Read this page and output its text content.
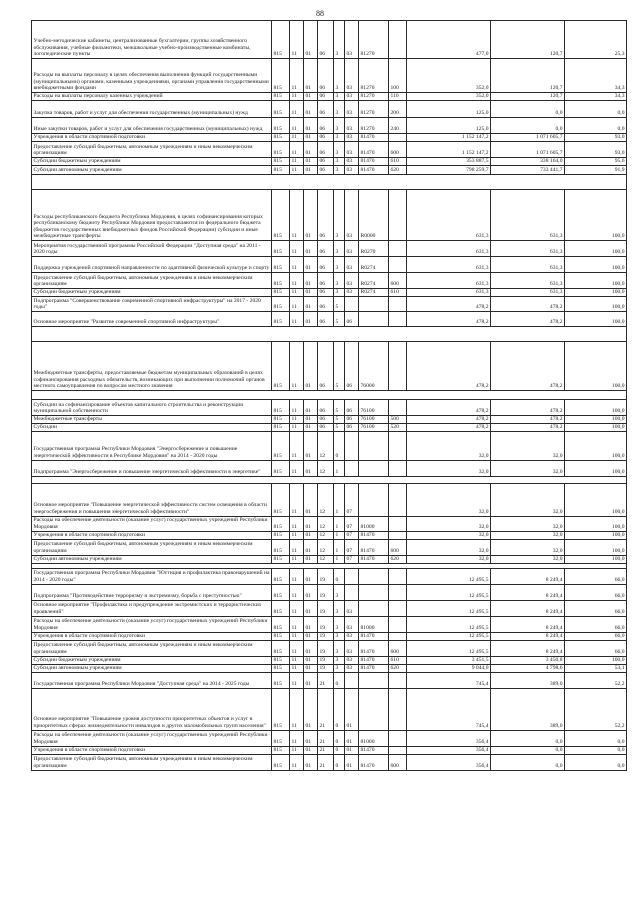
88
Учебно-методические кабинеты, централизованные бухгалтерии, группы хозяйственного обслуживания, учебные фильмотеки, межшкольные учебно-производственные комбинаты, логопедические пункты	815	11	01	06	3	03	81270		477,0	120,7	25,3
Расходы на выплаты персоналу в целях обеспечения выполнения функций государственными (муниципальными) органами, казенными учреждениями, органами управления государственными внебюджетными фондами	815	11	01	06	3	03	81270	100	352,0	120,7	34,3
Расходы на выплаты персоналу казенных учреждений	815	11	01	06	3	03	81270	110	352,0	120,7	34,3
Закупка товаров, работ и услуг для обеспечения государственных (муниципальных) нужд	815	11	01	06	3	03	81270	200	125,0	0,0	0,0
Иные закупки товаров, работ и услуг для обеспечения государственных (муниципальных) нужд	815	11	01	06	3	03	81270	240	125,0	0,0	0,0
Учреждения в области спортивной подготовки	815	11	01	06	3	03	81470		1 152 147,2	1 071 605,7	93,0
Предоставление субсидий бюджетным, автономным учреждениям и иным некоммерческим организациям	815	11	01	06	3	03	81470	600	1 152 147,2	1 071 605,7	93,0
Субсидии бюджетным учреждениям	815	11	01	06	3	03	81470	610	353 887,5	338 164,0	95,6
Субсидии автономным учреждениям	815	11	01	06	3	03	81470	620	798 259,7	733 441,7	91,9

Расходы республиканского бюджета Республики Мордовия, в целях софинансирования которых республиканскому бюджету Республики Мордовия предоставляются из федерального бюджета (бюджетов государственных внебюджетных фондов Российской Федерации) субсидии и иные межбюджетные трансферты	815	11	01	06	3	03	R0000		631,3	631,3	100,0
Мероприятия государственной программы Российской Федерации "Доступная среда" на 2011 - 2020 годы	815	11	01	06	3	03	R0270		631,3	631,3	100,0
Поддержка учреждений спортивной направленности по адаптивной физической культуре и спорту	815	11	01	06	3	03	R0274		631,3	631,3	100,0
Предоставление субсидий бюджетным, автономным учреждениям и иным некоммерческим организациям	815	11	01	06	3	03	R0274	600	631,3	631,3	100,0
Субсидии бюджетным учреждениям	815	11	01	06	3	03	R0274	610	631,3	631,3	100,0
Подпрограмма "Совершенствование современной спортивной инфраструктуры" на 2017 - 2020 годы"	815	11	01	06	5				478,2	478,2	100,0
Основное мероприятие "Развитие современной спортивной инфраструктуры"	815	11	01	06	5	06			478,2	478,2	100,0

Межбюджетные трансферты, предоставляемые бюджетам муниципальных образований в целях софинансирования расходных обязательств, возникающих при выполнении полномочий органов местного самоуправления по вопросам местного значения	815	11	01	06	5	06	76000		478,2	478,2	100,0

Субсидии на софинансирование объектов капитального строительства и реконструкции муниципальной собственности	815	11	01	06	5	06	76100		478,2	478,2	100,0
Межбюджетные трансферты	815	11	01	06	5	06	76100	500	478,2	478,2	100,0
Субсидии	815	11	01	06	5	06	76100	520	478,2	478,2	100,0
Государственная программа Республики Мордовия "Энергосбережение и повышение энергетической эффективности в Республике Мордовия" на 2014 - 2020 годы	815	11	01	12	0				32,0	32,0	100,0
Подпрограмма "Энергосбережение и повышение энергетической эффективности в энергетике"	815	11	01	12	1				32,0	32,0	100,0

Основное мероприятие "Повышение энергетической эффективности систем освещения в области энергосбережения и повышения энергетической эффективности"	815	11	01	12	1	07			32,0	32,0	100,0
Расходы на обеспечение деятельности (оказание услуг) государственных учреждений Республики Мордовия	815	11	01	12	1	07	81000		32,0	32,0	100,0
Учреждения в области спортивной подготовки	815	11	01	12	1	07	81470		32,0	32,0	100,0
Предоставление субсидий бюджетным, автономным учреждениям и иным некоммерческим организациям	815	11	01	12	1	07	81470	600	32,0	32,0	100,0
Субсидии автономным учреждениям	815	11	01	12	1	07	81470	620	32,0	32,0	100,0

Государственная программа Республики Мордовия "Юстиция и профилактика правонарушений на 2014 - 2020 годы"	815	11	01	19	0				12 495,5	8 249,4	66,0
Подпрограмма "Противодействие терроризму и экстремизму, борьба с преступностью"	815	11	01	19	3				12 495,5	8 249,4	66,0
Основное мероприятие "Профилактика и предупреждение экстремистских и террористических проявлений"	815	11	01	19	3	03			12 495,5	8 249,4	66,0
Расходы на обеспечение деятельности (оказание услуг) государственных учреждений Республики Мордовия	815	11	01	19	3	03	81000		12 495,5	8 249,4	66,0
Учреждения в области спортивной подготовки	815	11	01	19	3	03	81470		12 495,5	8 249,4	66,0
Предоставление субсидий бюджетным, автономным учреждениям и иным некоммерческим организациям	815	11	01	19	3	03	81470	600	12 495,5	8 249,4	66,0
Субсидии бюджетным учреждениям	815	11	01	19	3	03	81470	610	3 451,5	3 450,8	100,0
Субсидии автономным учреждениям	815	11	01	19	3	03	81470	620	9 044,0	4 798,6	53,1
Государственная программа Республики Мордовия "Доступная среда" на 2014 - 2025 годы	815	11	01	21	0				745,4	389,0	52,2
Основное мероприятие "Повышение уровня доступности приоритетных объектов и услуг в приоритетных сферах жизнедеятельности инвалидов и других маломобильных групп населения"	815	11	01	21	0	01			745,4	389,0	52,2
Расходы на обеспечение деятельности (оказание услуг) государственных учреждений Республики Мордовия	815	11	01	21	0	01	81000		356,4	0,0	0,0
Учреждения в области спортивной подготовки	815	11	01	21	0	01	81470		356,4	0,0	0,0
Предоставление субсидий бюджетным, автономным учреждениям и иным некоммерческим организациям	815	11	01	21	0	01	81470	600	356,4	0,0	0,0
